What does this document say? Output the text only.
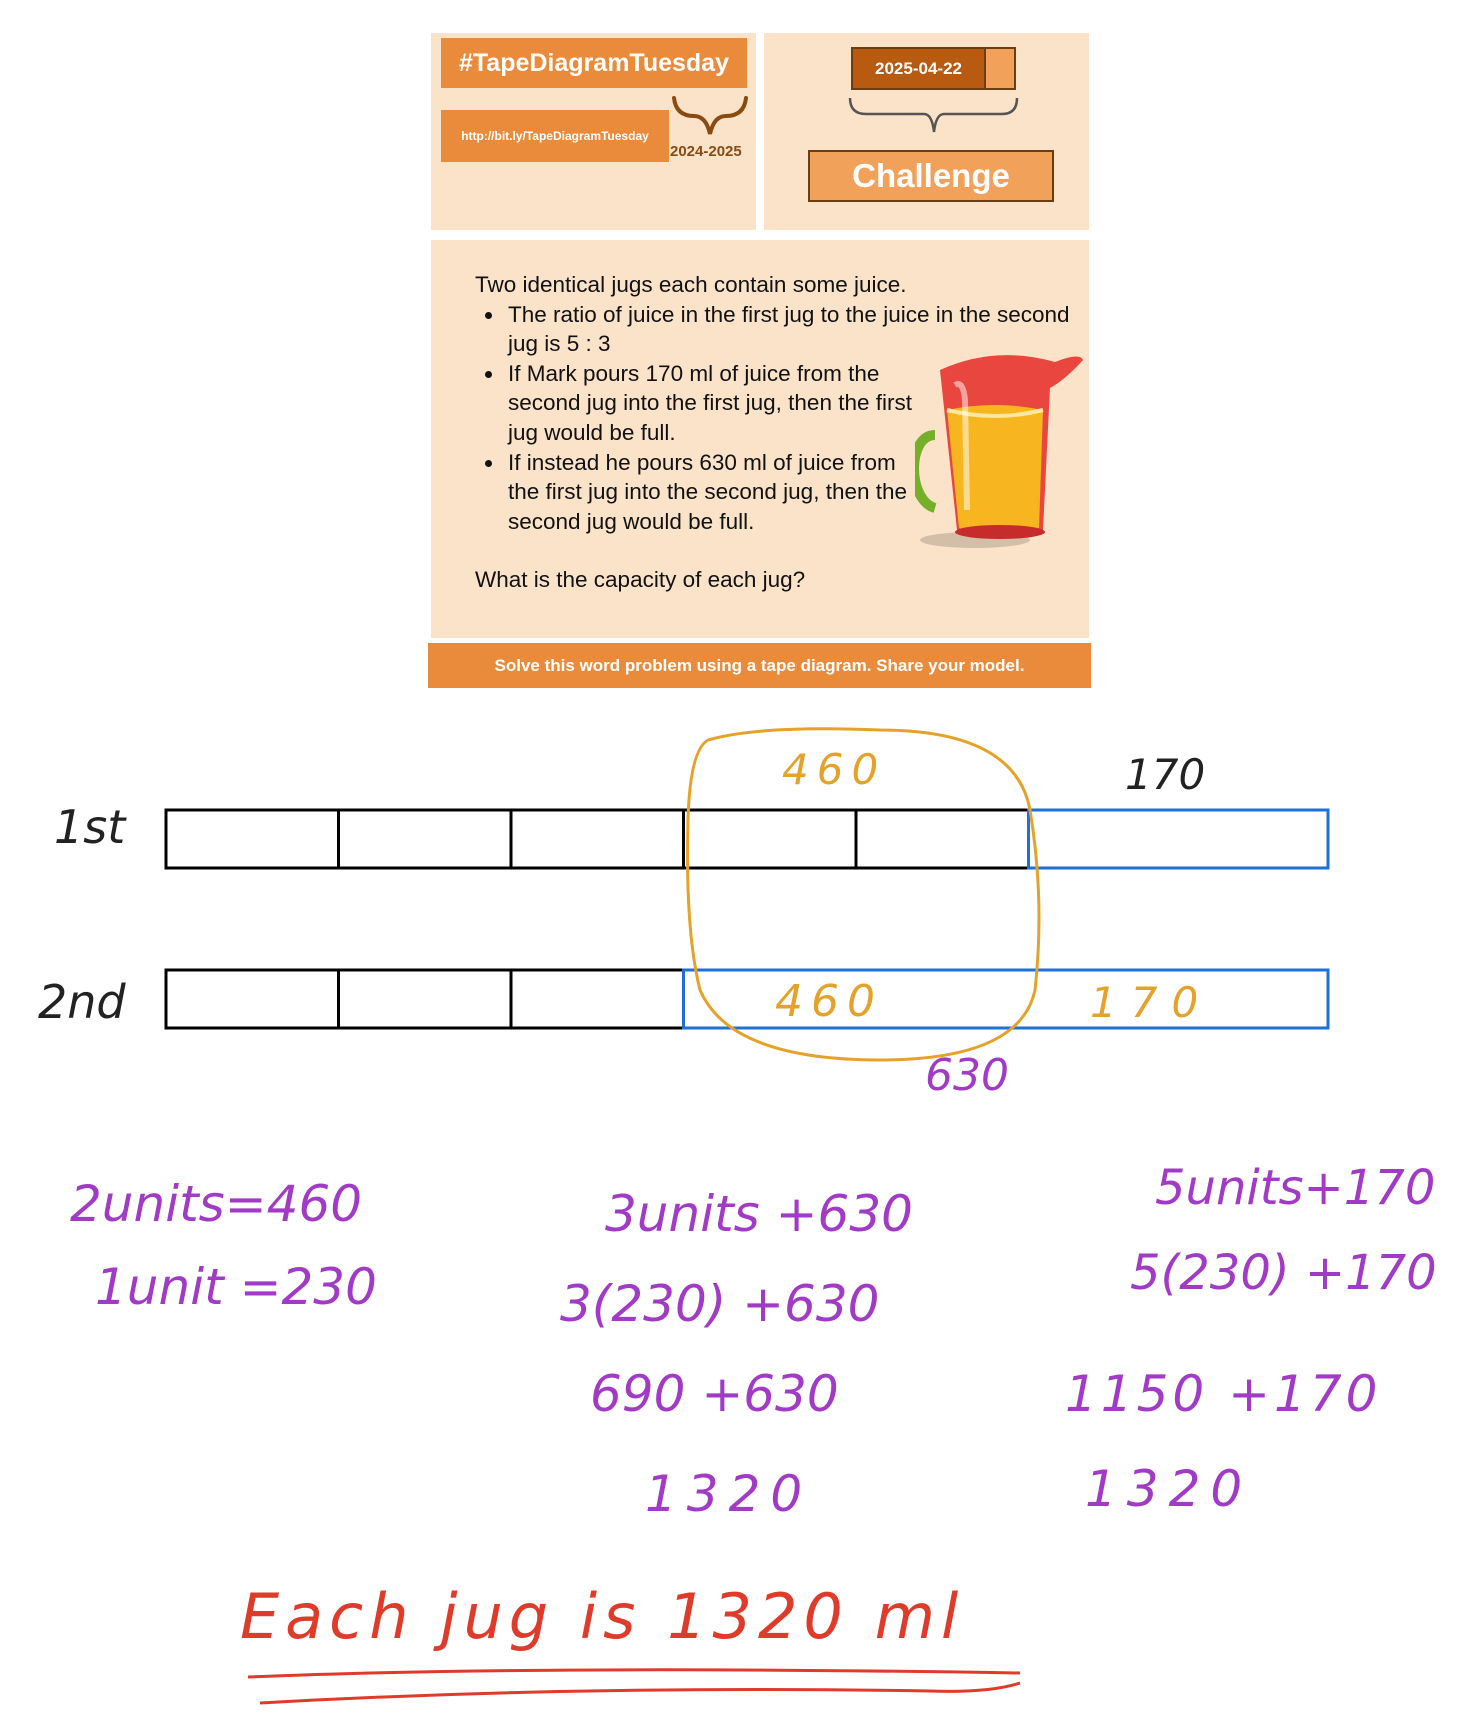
#TapeDiagramTuesday
http://bit.ly/TapeDiagramTuesday
2024-2025
2025-04-22
Challenge
Two identical jugs each contain some juice.
• The ratio of juice in the first jug to the juice in the second jug is 5 : 3
• If Mark pours 170 ml of juice from the second jug into the first jug, then the first jug would be full.
• If instead he pours 630 ml of juice from the first jug into the second jug, then the second jug would be full.
What is the capacity of each jug?
Solve this word problem using a tape diagram. Share your model.
1st
2nd
460	170
460	170
630
2units=460
1unit =230
3units +630
3(230) +630
690 +630
1320
5units+170
5(230) +170
1150 +170
1320
Each jug is 1320 ml
